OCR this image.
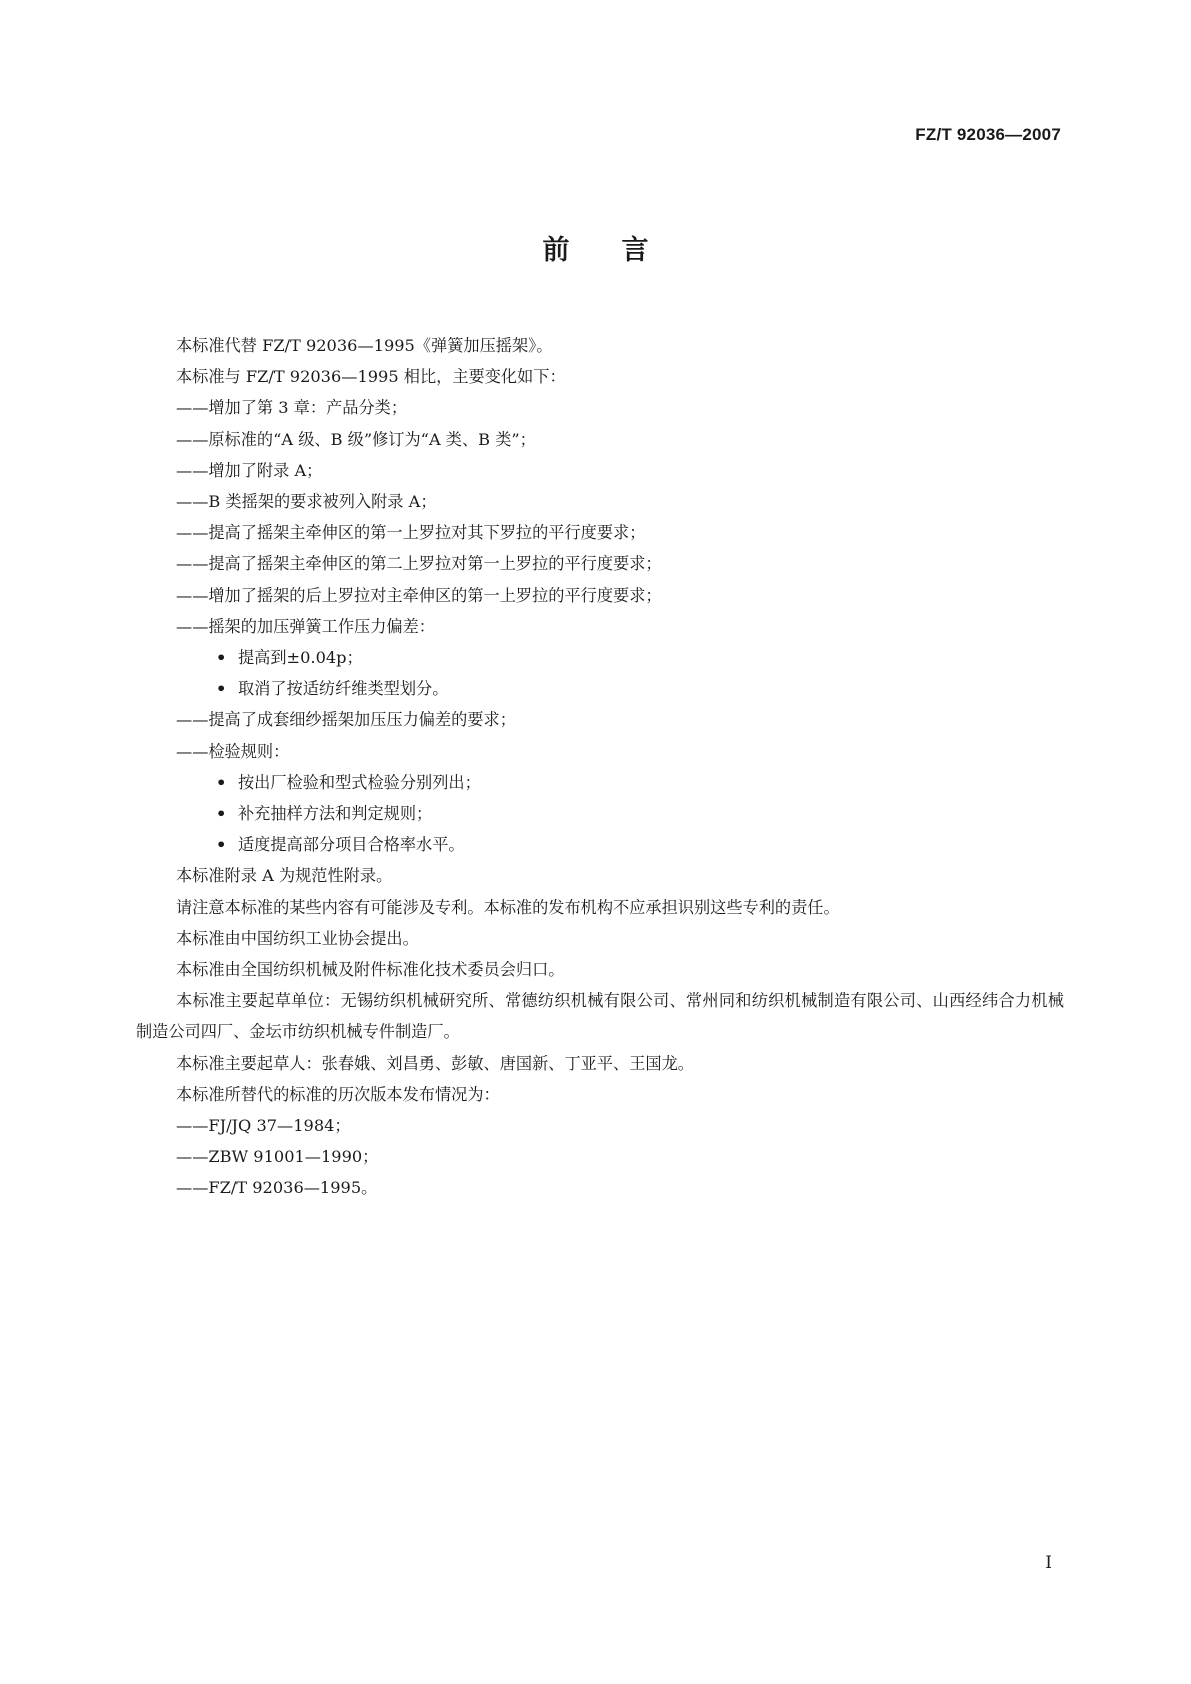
FZ/T 92036—2007
前言
本标准代替 FZ/T 92036—1995《弹簧加压摇架》。
本标准与 FZ/T 92036—1995 相比，主要变化如下：
——增加了第 3 章：产品分类；
——原标准的“A 级、B 级”修订为“A 类、B 类”；
——增加了附录 A；
——B 类摇架的要求被列入附录 A；
——提高了摇架主牵伸区的第一上罗拉对其下罗拉的平行度要求；
——提高了摇架主牵伸区的第二上罗拉对第一上罗拉的平行度要求；
——增加了摇架的后上罗拉对主牵伸区的第一上罗拉的平行度要求；
——摇架的加压弹簧工作压力偏差：
• 提高到±0.04p；
• 取消了按适纺纤维类型划分。
——提高了成套细纱摇架加压压力偏差的要求；
——检验规则：
• 按出厂检验和型式检验分别列出；
• 补充抽样方法和判定规则；
• 适度提高部分项目合格率水平。
本标准附录 A 为规范性附录。
请注意本标准的某些内容有可能涉及专利。本标准的发布机构不应承担识别这些专利的责任。
本标准由中国纺织工业协会提出。
本标准由全国纺织机械及附件标准化技术委员会归口。
本标准主要起草单位：无锡纺织机械研究所、常德纺织机械有限公司、常州同和纺织机械制造有限公司、山西经纬合力机械制造公司四厂、金坛市纺织机械专件制造厂。
本标准主要起草人：张春娥、刘昌勇、彭敏、唐国新、丁亚平、王国龙。
本标准所替代的标准的历次版本发布情况为：
——FJ/JQ 37—1984；
——ZBW 91001—1990；
——FZ/T 92036—1995。
I
